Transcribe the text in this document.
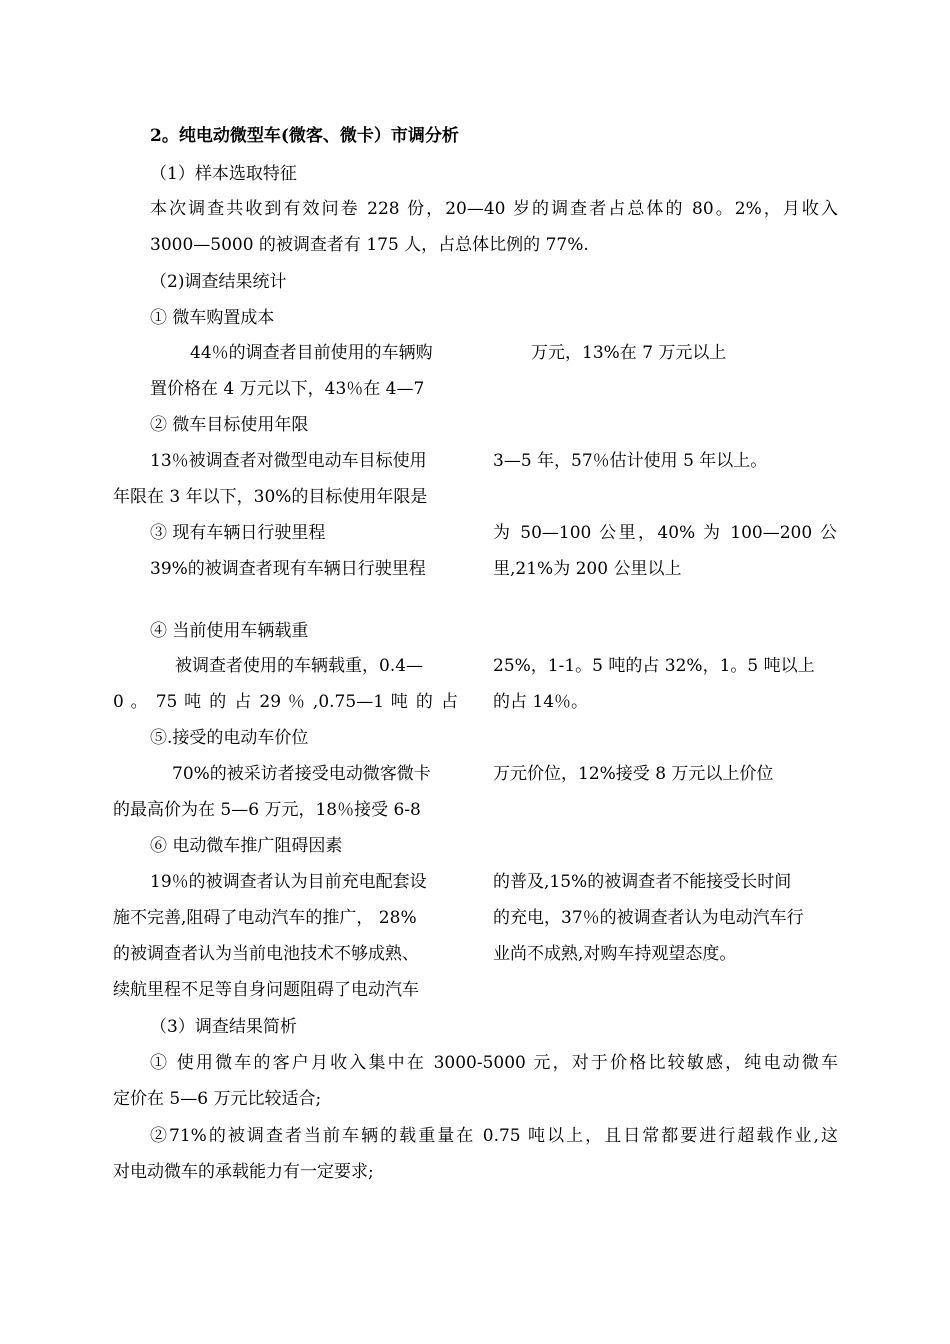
2。纯电动微型车(微客、微卡）市调分析
（1）样本选取特征
本次调查共收到有效问卷 228 份，20—40 岁的调查者占总体的 80。2%，月收入
3000—5000 的被调查者有 175 人，占总体比例的 77%.
（2)调查结果统计
① 微车购置成本
44％的调查者目前使用的车辆购
置价格在 4 万元以下，43％在 4—7
万元，13%在 7 万元以上
② 微车目标使用年限
13％被调查者对微型电动车目标使用
年限在 3 年以下，30%的目标使用年限是
3—5 年，57％估计使用 5 年以上。
③ 现有车辆日行驶里程
39%的被调查者现有车辆日行驶里程
为 50—100 公里，40% 为 100—200 公
里,21%为 200 公里以上
④ 当前使用车辆载重
被调查者使用的车辆载重，0.4—
0 。 75 吨 的 占 29 ％ ,0.75—1 吨 的 占
25%，1-1。5 吨的占 32%，1。5 吨以上
的占 14％。
⑤.接受的电动车价位
70%的被采访者接受电动微客微卡
的最高价为在 5—6 万元，18％接受 6-8
万元价位，12%接受 8 万元以上价位
⑥ 电动微车推广阻碍因素
19％的被调查者认为目前充电配套设
施不完善,阻碍了电动汽车的推广， 28%
的被调查者认为当前电池技术不够成熟、
续航里程不足等自身问题阻碍了电动汽车
的普及,15%的被调查者不能接受长时间
的充电，37％的被调查者认为电动汽车行
业尚不成熟,对购车持观望态度。
（3）调查结果简析
① 使用微车的客户月收入集中在 3000-5000 元，对于价格比较敏感，纯电动微车
定价在 5—6 万元比较适合;
②71%的被调查者当前车辆的载重量在 0.75 吨以上，且日常都要进行超载作业,这
对电动微车的承载能力有一定要求;
